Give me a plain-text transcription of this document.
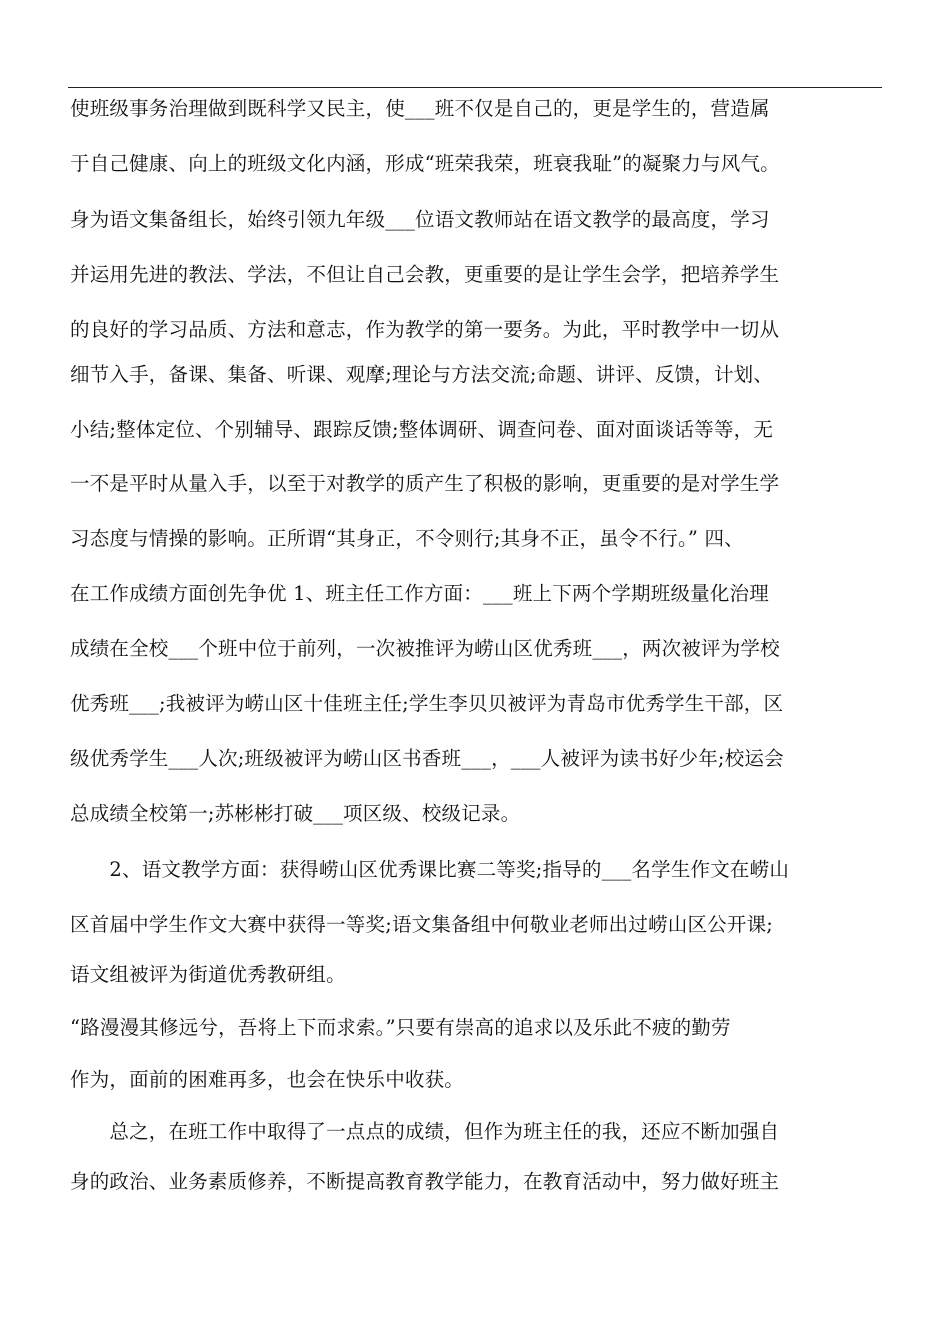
使班级事务治理做到既科学又民主，使___班不仅是自己的，更是学生的，营造属
于自己健康、向上的班级文化内涵，形成“班荣我荣，班衰我耻”的凝聚力与风气。
身为语文集备组长，始终引领九年级___位语文教师站在语文教学的最高度，学习
并运用先进的教法、学法，不但让自己会教，更重要的是让学生会学，把培养学生
的良好的学习品质、方法和意志，作为教学的第一要务。为此，平时教学中一切从
细节入手，备课、集备、听课、观摩;理论与方法交流;命题、讲评、反馈，计划、
小结;整体定位、个别辅导、跟踪反馈;整体调研、调查问卷、面对面谈话等等，无
一不是平时从量入手，以至于对教学的质产生了积极的影响，更重要的是对学生学
习态度与情操的影响。正所谓“其身正，不令则行;其身不正，虽令不行。” 四、
在工作成绩方面创先争优 1、班主任工作方面：___班上下两个学期班级量化治理
成绩在全校___个班中位于前列，一次被推评为崂山区优秀班___，两次被评为学校
优秀班___;我被评为崂山区十佳班主任;学生李贝贝被评为青岛市优秀学生干部，区
级优秀学生___人次;班级被评为崂山区书香班___，___人被评为读书好少年;校运会
总成绩全校第一;苏彬彬打破___项区级、校级记录。
　　2、语文教学方面：获得崂山区优秀课比赛二等奖;指导的___名学生作文在崂山
区首届中学生作文大赛中获得一等奖;语文集备组中何敬业老师出过崂山区公开课;
语文组被评为街道优秀教研组。
“路漫漫其修远兮，吾将上下而求索。”只要有崇高的追求以及乐此不疲的勤劳
作为，面前的困难再多，也会在快乐中收获。
　　总之，在班工作中取得了一点点的成绩，但作为班主任的我，还应不断加强自
身的政治、业务素质修养，不断提高教育教学能力，在教育活动中，努力做好班主
